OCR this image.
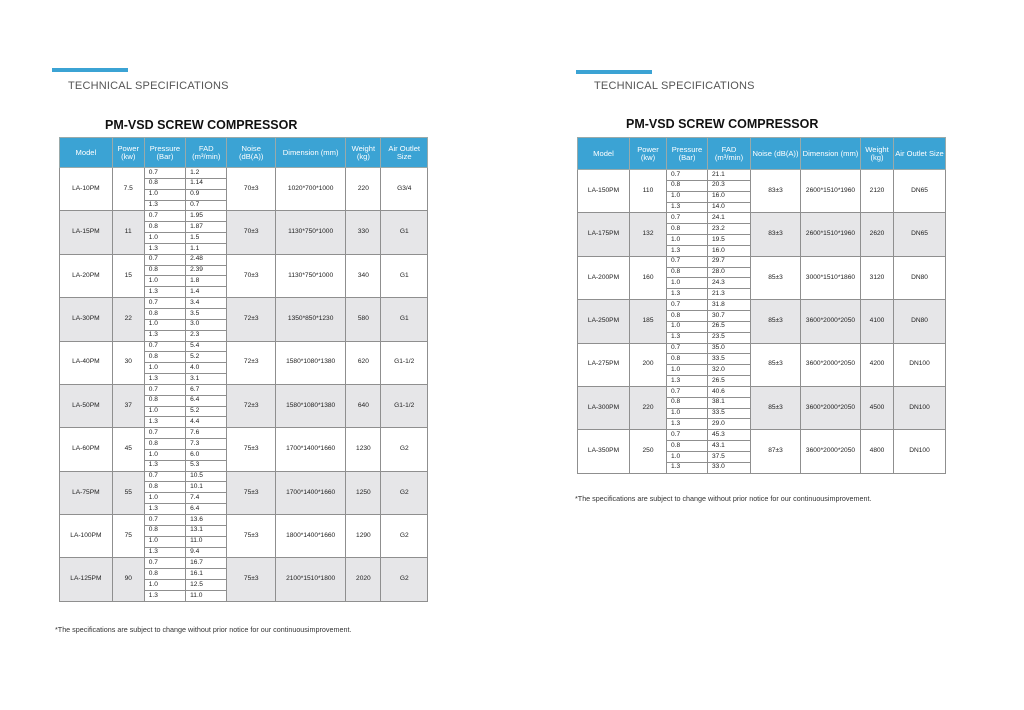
TECHNICAL SPECIFICATIONS
PM-VSD SCREW COMPRESSOR
Model	Power (kw)	Pressure (Bar)	FAD (m³/min)	Noise (dB(A))	Dimension (mm)	Weight (kg)	Air Outlet Size
LA-10PM	7.5	0.7	1.2	70±3	1020*700*1000	220	G3/4
		0.8	1.14				
		1.0	0.9				
		1.3	0.7				
LA-15PM	11	0.7	1.95	70±3	1130*750*1000	330	G1
		0.8	1.87				
		1.0	1.5				
		1.3	1.1				
LA-20PM	15	0.7	2.48	70±3	1130*750*1000	340	G1
		0.8	2.39				
		1.0	1.8				
		1.3	1.4				
LA-30PM	22	0.7	3.4	72±3	1350*850*1230	580	G1
		0.8	3.5				
		1.0	3.0				
		1.3	2.3				
LA-40PM	30	0.7	5.4	72±3	1580*1080*1380	620	G1-1/2
		0.8	5.2				
		1.0	4.0				
		1.3	3.1				
LA-50PM	37	0.7	6.7	72±3	1580*1080*1380	640	G1-1/2
		0.8	6.4				
		1.0	5.2				
		1.3	4.4				
LA-60PM	45	0.7	7.6	75±3	1700*1400*1660	1230	G2
		0.8	7.3				
		1.0	6.0				
		1.3	5.3				
LA-75PM	55	0.7	10.5	75±3	1700*1400*1660	1250	G2
		0.8	10.1				
		1.0	7.4				
		1.3	6.4				
LA-100PM	75	0.7	13.6	75±3	1800*1400*1660	1290	G2
		0.8	13.1				
		1.0	11.0				
		1.3	9.4				
LA-125PM	90	0.7	16.7	75±3	2100*1510*1800	2020	G2
		0.8	16.1				
		1.0	12.5				
		1.3	11.0				
*The specifications are subject to change without prior notice for our continuousimprovement.
TECHNICAL SPECIFICATIONS
PM-VSD SCREW COMPRESSOR
Model	Power (kw)	Pressure (Bar)	FAD (m³/min)	Noise (dB(A))	Dimension (mm)	Weight (kg)	Air Outlet Size
LA-150PM	110	0.7	21.1	83±3	2600*1510*1960	2120	DN65
		0.8	20.3				
		1.0	16.0				
		1.3	14.0				
LA-175PM	132	0.7	24.1	83±3	2600*1510*1960	2620	DN65
		0.8	23.2				
		1.0	19.5				
		1.3	16.0				
LA-200PM	160	0.7	29.7	85±3	3000*1510*1860	3120	DN80
		0.8	28.0				
		1.0	24.3				
		1.3	21.3				
LA-250PM	185	0.7	31.8	85±3	3600*2000*2050	4100	DN80
		0.8	30.7				
		1.0	26.5				
		1.3	23.5				
LA-275PM	200	0.7	35.0	85±3	3600*2000*2050	4200	DN100
		0.8	33.5				
		1.0	32.0				
		1.3	26.5				
LA-300PM	220	0.7	40.6	85±3	3600*2000*2050	4500	DN100
		0.8	38.1				
		1.0	33.5				
		1.3	29.0				
LA-350PM	250	0.7	45.3	87±3	3600*2000*2050	4800	DN100
		0.8	43.1				
		1.0	37.5				
		1.3	33.0				
*The specifications are subject to change without prior notice for our continuousimprovement.
